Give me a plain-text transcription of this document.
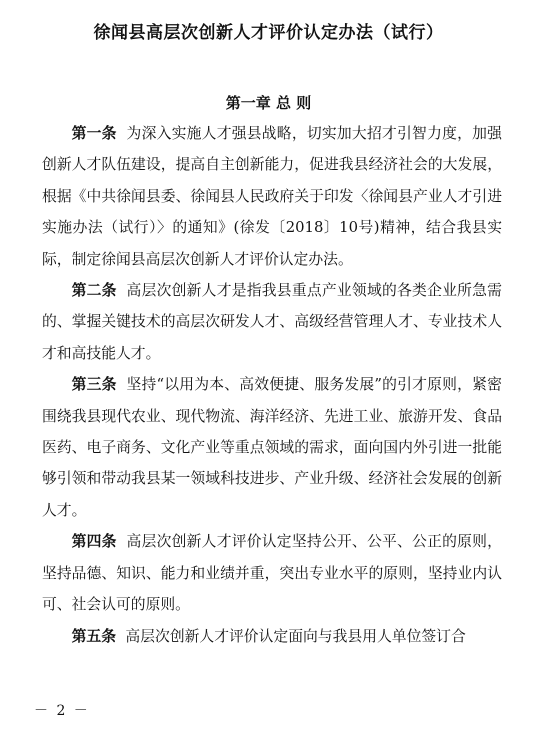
徐闻县高层次创新人才评价认定办法（试行）
第一章 总 则

第一条 为深入实施人才强县战略，切实加大招才引智力度，加强创新人才队伍建设，提高自主创新能力，促进我县经济社会的大发展，根据《中共徐闻县委、徐闻县人民政府关于印发〈徐闻县产业人才引进实施办法（试行）〉的通知》(徐发〔2018〕10号)精神，结合我县实际，制定徐闻县高层次创新人才评价认定办法。

第二条 高层次创新人才是指我县重点产业领域的各类企业所急需的、掌握关键技术的高层次研发人才、高级经营管理人才、专业技术人才和高技能人才。

第三条 坚持“以用为本、高效便捷、服务发展”的引才原则，紧密围绕我县现代农业、现代物流、海洋经济、先进工业、旅游开发、食品医药、电子商务、文化产业等重点领域的需求，面向国内外引进一批能够引领和带动我县某一领域科技进步、产业升级、经济社会发展的创新人才。

第四条 高层次创新人才评价认定坚持公开、公平、公正的原则，坚持品德、知识、能力和业绩并重，突出专业水平的原则，坚持业内认可、社会认可的原则。

第五条 高层次创新人才评价认定面向与我县用人单位签订合

－ 2 －
